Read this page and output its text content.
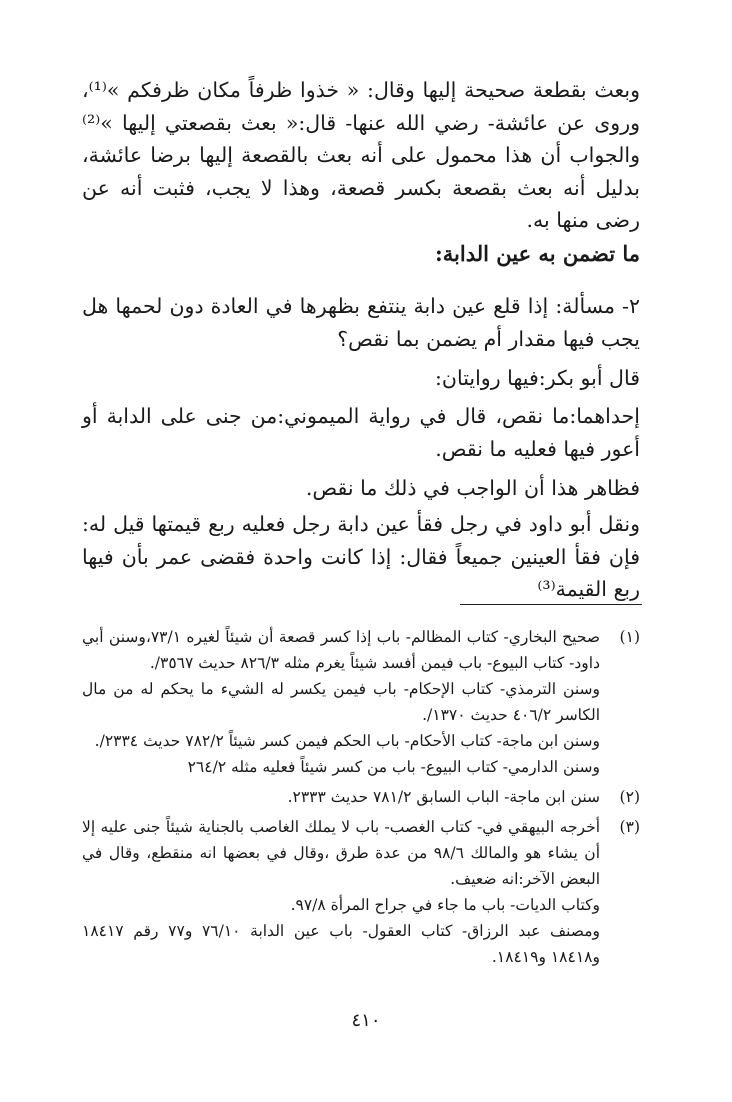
وبعث بقطعة صحيحة إليها وقال: « خذوا ظرفاً مكان ظرفكم »⁽¹⁾، وروى عن عائشة- رضي الله عنها- قال:« بعث بقصعتي إليها »⁽²⁾ والجواب أن هذا محمول على أنه بعث بالقصعة إليها برضا عائشة، بدليل أنه بعث بقصعة بكسر قصعة، وهذا لا يجب، فثبت أنه عن رضى منها به.

ما تضمن به عين الدابة:

٢- مسألة: إذا قلع عين دابة ينتفع بظهرها في العادة دون لحمها هل يجب فيها مقدار أم يضمن بما نقص؟

قال أبو بكر:فيها روايتان:

إحداهما:ما نقص، قال في رواية الميموني:من جنى على الدابة أو أعور فيها فعليه ما نقص.

فظاهر هذا أن الواجب في ذلك ما نقص.

ونقل أبو داود في رجل فقأ عين دابة رجل فعليه ربع قيمتها قيل له: فإن فقأ العينين جميعاً فقال: إذا كانت واحدة فقضى عمر بأن فيها ربع القيمة⁽³⁾

(١)
صحيح البخاري- كتاب المظالم- باب إذا كسر قصعة أن شيئاً لغيره ٧٣/١،وسنن أبي داود- كتاب البيوع- باب فيمن أفسد شيئاً يغرم مثله ٨٢٦/٣ حديث ٣٥٦٧/.
وسنن الترمذي- كتاب الإحكام- باب فيمن يكسر له الشيء ما يحكم له من مال الكاسر ٤٠٦/٢ حديث ١٣٧٠/.
وسنن ابن ماجة- كتاب الأحكام- باب الحكم فيمن كسر شيئاً ٧٨٢/٢ حديث ٢٣٣٤/.
وسنن الدارمي- كتاب البيوع- باب من كسر شيئاً فعليه مثله ٢٦٤/٢
(٢)
سنن ابن ماجة- الباب السابق ٧٨١/٢ حديث ٢٣٣٣.
(٣)
أخرجه البيهقي في- كتاب الغصب- باب لا يملك الغاصب بالجناية شيئاً جنى عليه إلا أن يشاء هو والمالك ٩٨/٦ من عدة طرق ،وقال في بعضها انه منقطع، وقال في البعض الآخر:انه ضعيف.
وكتاب الديات- باب ما جاء في جراح المرأة ٩٧/٨.
ومصنف عبد الرزاق- كتاب العقول- باب عين الدابة ٧٦/١٠ و٧٧ رقم ١٨٤١٧ و١٨٤١٨ و١٨٤١٩.
٤١٠
